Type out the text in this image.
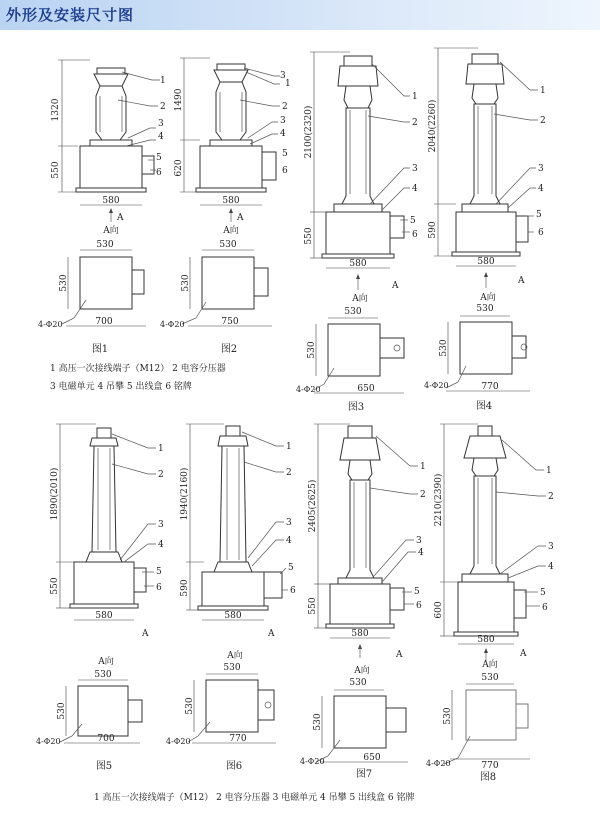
外形及安装尺寸图
1320
550
580
A
1
2
3
4
5
6
A向
530
530
700
4-Φ20
图1
1490
620
580
A
3
1
2
3
4
5
6
A向
530
530
750
4-Φ20
图2
1 高压一次接线端子（M12） 2 电容分压器
3 电磁单元 4 吊攀 5 出线盒 6 铭牌
2100(2320)
550
580
A
1
2
3
4
5
6
A向
530
530
650
4-Φ20
图3
2040(2260)
590
580
A
1
2
3
4
5
6
A向
530
530
770
4-Φ20
图4
1890(2010)
550
580
A
1
2
3
4
5
6
A向
530
530
700
4-Φ20
图5
1940(2160)
590
580
A
1
2
3
4
5
6
A向
530
530
770
4-Φ20
图6
2405(2625)
550
580
A
1
2
3
4
5
6
A向
530
530
650
4-Φ20
图7
2210(2390)
600
580
A
1
2
3
4
5
6
A向
530
530
770
4-Φ20
图8
1 高压一次接线端子（M12） 2 电容分压器 3 电磁单元 4 吊攀 5 出线盒 6 铭牌
